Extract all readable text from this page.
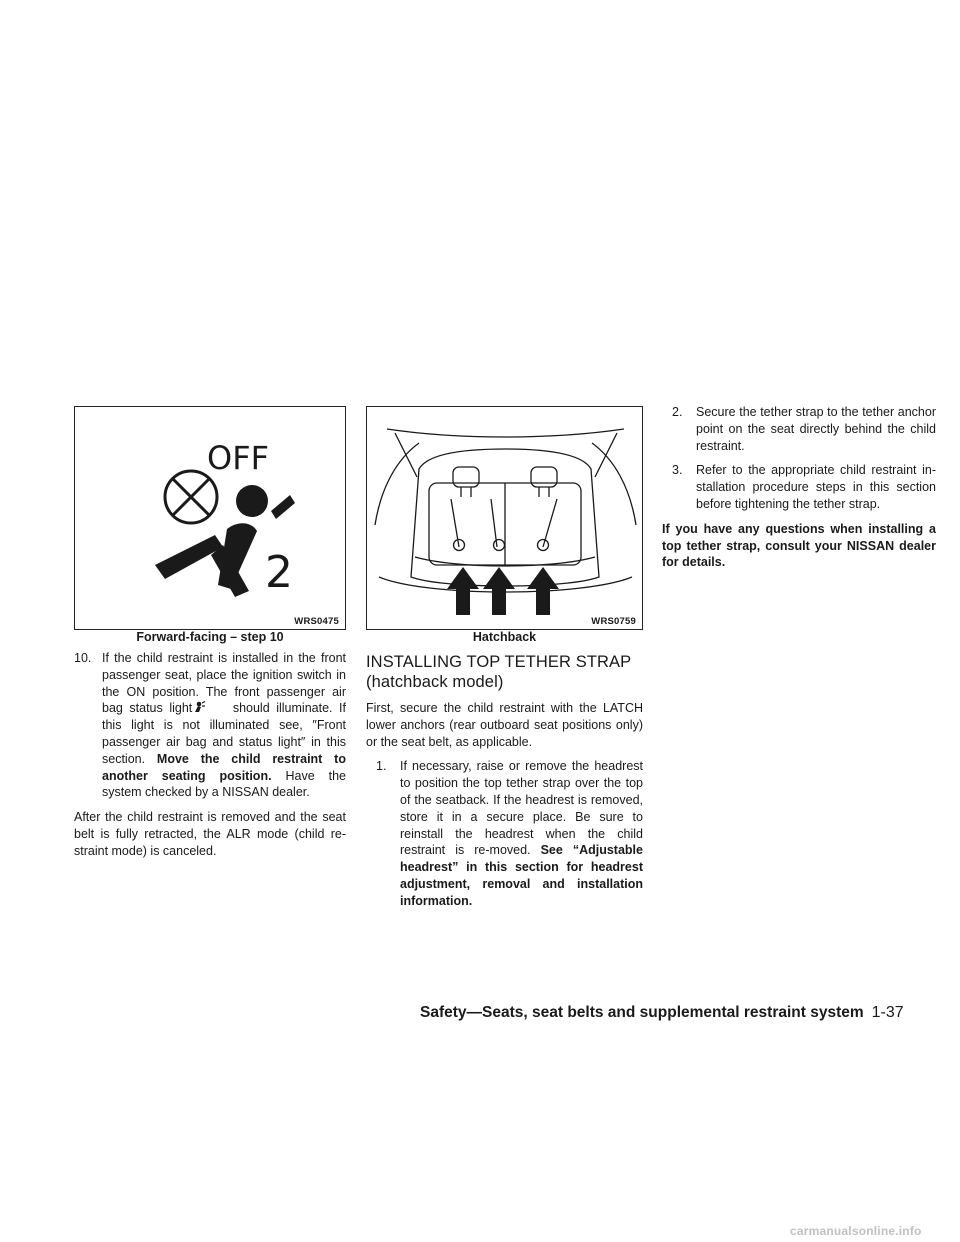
OFF
2
WRS0475
Forward-facing – step 10
WRS0759
Hatchback
10. If the child restraint is installed in the front passenger seat, place the ignition switch in the ON position. The front passenger air bag status light	should illuminate. If this light is not illuminated see, ″Front passenger air bag and status light″ in this section. Move the child restraint to another seating position. Have the system checked by a NISSAN dealer.

After the child restraint is removed and the seat belt is fully retracted, the ALR mode (child re-straint mode) is canceled.

INSTALLING TOP TETHER STRAP
(hatchback model)

First, secure the child restraint with the LATCH lower anchors (rear outboard seat positions only) or the seat belt, as applicable.

1. If necessary, raise or remove the headrest to position the top tether strap over the top of the seatback. If the headrest is removed, store it in a secure place. Be sure to reinstall the headrest when the child restraint is re-moved. See “Adjustable headrest” in this section for headrest adjustment, removal and installation information.
2. Secure the tether strap to the tether anchor point on the seat directly behind the child restraint.
3. Refer to the appropriate child restraint in-stallation procedure steps in this section before tightening the tether strap.

If you have any questions when installing a top tether strap, consult your NISSAN dealer for details.

Safety—Seats, seat belts and supplemental restraint system 1-37
carmanualsonline.info
